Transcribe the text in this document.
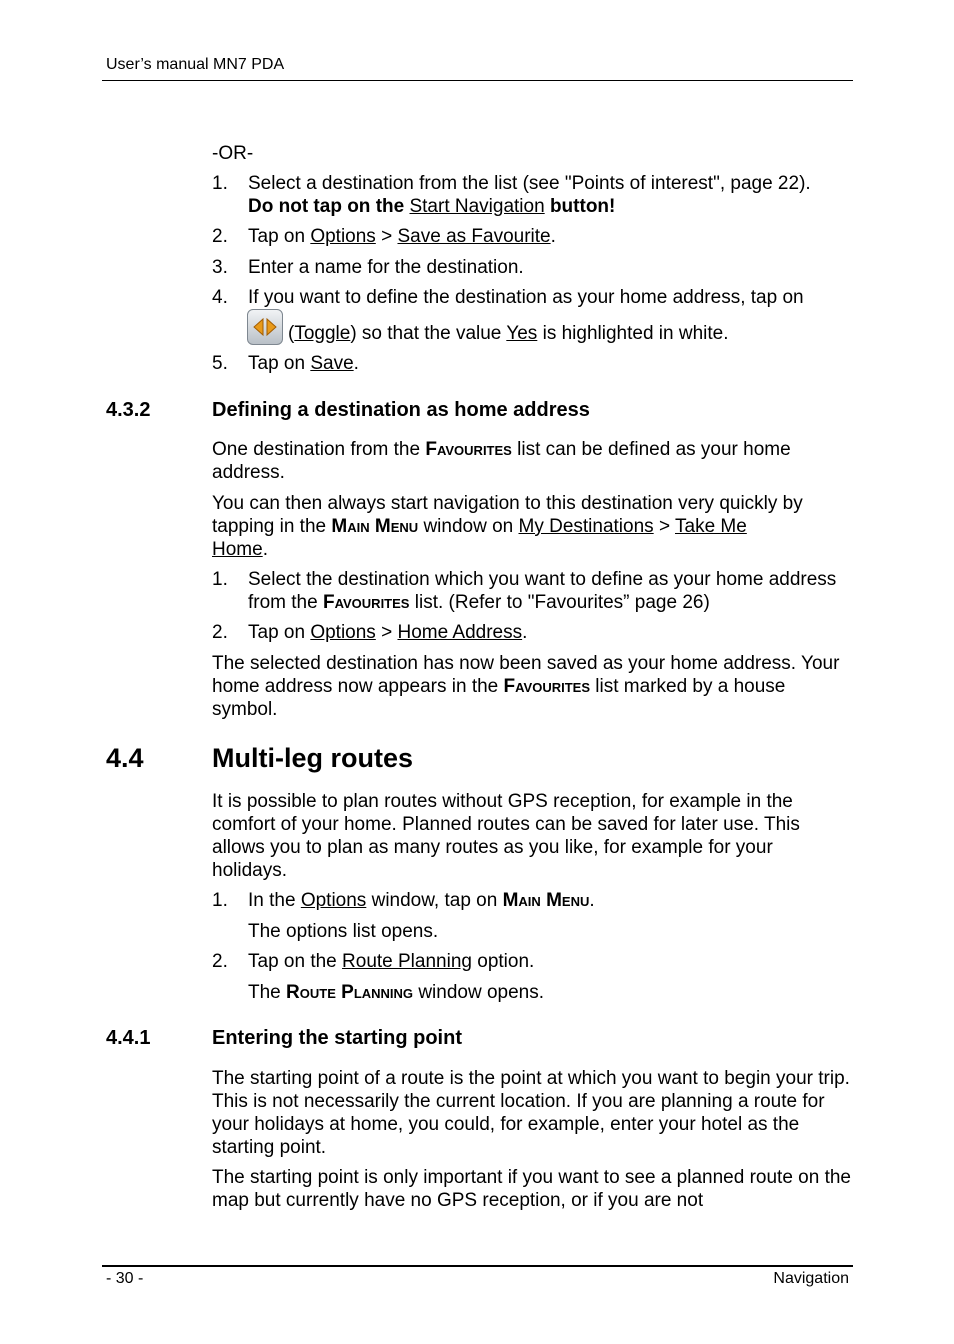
User’s manual MN7 PDA
-OR-
1. Select a destination from the list (see "Points of interest", page 22).
Do not tap on the Start Navigation button!
2. Tap on Options > Save as Favourite.
3. Enter a name for the destination.
4. If you want to define the destination as your home address, tap on
(Toggle) so that the value Yes is highlighted in white.
5. Tap on Save.
4.3.2	Defining a destination as home address
One destination from the Favourites list can be defined as your home address.
You can then always start navigation to this destination very quickly by tapping in the Main Menu window on My Destinations > Take Me
Home.
1. Select the destination which you want to define as your home address from the Favourites list. (Refer to "Favourites” page 26)
2. Tap on Options > Home Address.
The selected destination has now been saved as your home address. Your home address now appears in the Favourites list marked by a house symbol.
4.4	Multi-leg routes
It is possible to plan routes without GPS reception, for example in the comfort of your home. Planned routes can be saved for later use. This allows you to plan as many routes as you like, for example for your holidays.
1. In the Options window, tap on Main Menu.
The options list opens.
2. Tap on the Route Planning option.
The Route Planning window opens.
4.4.1	Entering the starting point
The starting point of a route is the point at which you want to begin your trip. This is not necessarily the current location. If you are planning a route for your holidays at home, you could, for example, enter your hotel as the starting point.
The starting point is only important if you want to see a planned route on the map but currently have no GPS reception, or if you are not
- 30 -	Navigation
